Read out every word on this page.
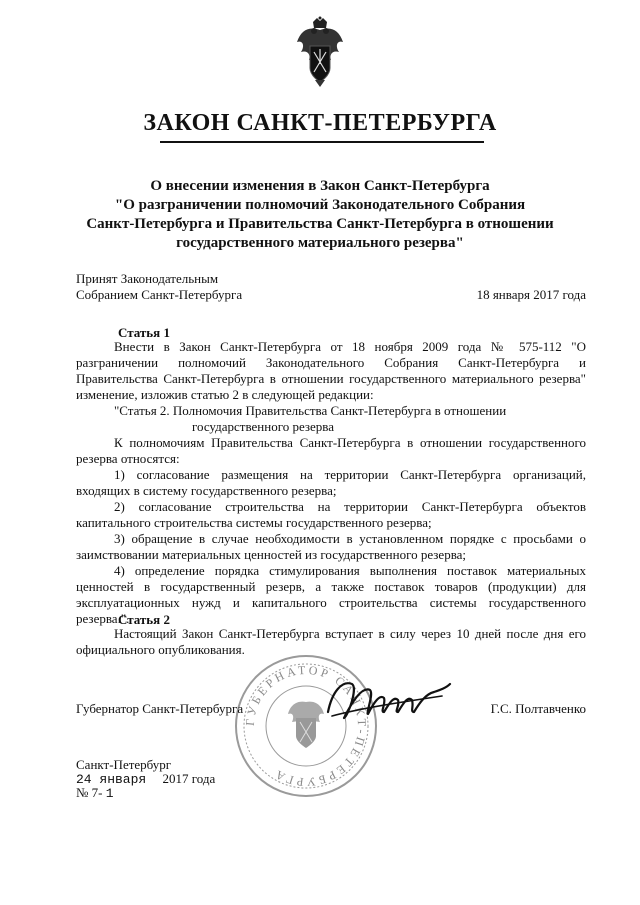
ЗАКОН САНКТ-ПЕТЕРБУРГА
О внесении изменения в Закон Санкт-Петербурга
"О разграничении полномочий Законодательного Собрания
Санкт-Петербурга и Правительства Санкт-Петербурга в отношении
государственного материального резерва"
Принят Законодательным
Собранием Санкт-Петербурга	18 января 2017 года
Статья 1

Внести в Закон Санкт-Петербурга от 18 ноября 2009 года № 575-112 "О разграничении полномочий Законодательного Собрания Санкт-Петербурга и Правительства Санкт-Петербурга в отношении государственного материального резерва" изменение, изложив статью 2 в следующей редакции:

"Статья 2. Полномочия Правительства Санкт-Петербурга в отношении
государственного резерва

К полномочиям Правительства Санкт-Петербурга в отношении государственного резерва относятся:

1) согласование размещения на территории Санкт-Петербурга организаций, входящих в систему государственного резерва;

2) согласование строительства на территории Санкт-Петербурга объектов капитального строительства системы государственного резерва;

3) обращение в случае необходимости в установленном порядке с просьбами о заимствовании материальных ценностей из государственного резерва;

4) определение порядка стимулирования выполнения поставок материальных ценностей в государственный резерв, а также поставок товаров (продукции) для эксплуатационных нужд и капитального строительства системы государственного резерва.".

Статья 2

Настоящий Закон Санкт-Петербурга вступает в силу через 10 дней после дня его официального опубликования.

ГУБЕРНАТОР САНКТ-ПЕТЕРБУРГА
Губернатор Санкт-Петербурга	Г.С. Полтавченко
Санкт-Петербург
24 января 2017 года
№ 7- 1
